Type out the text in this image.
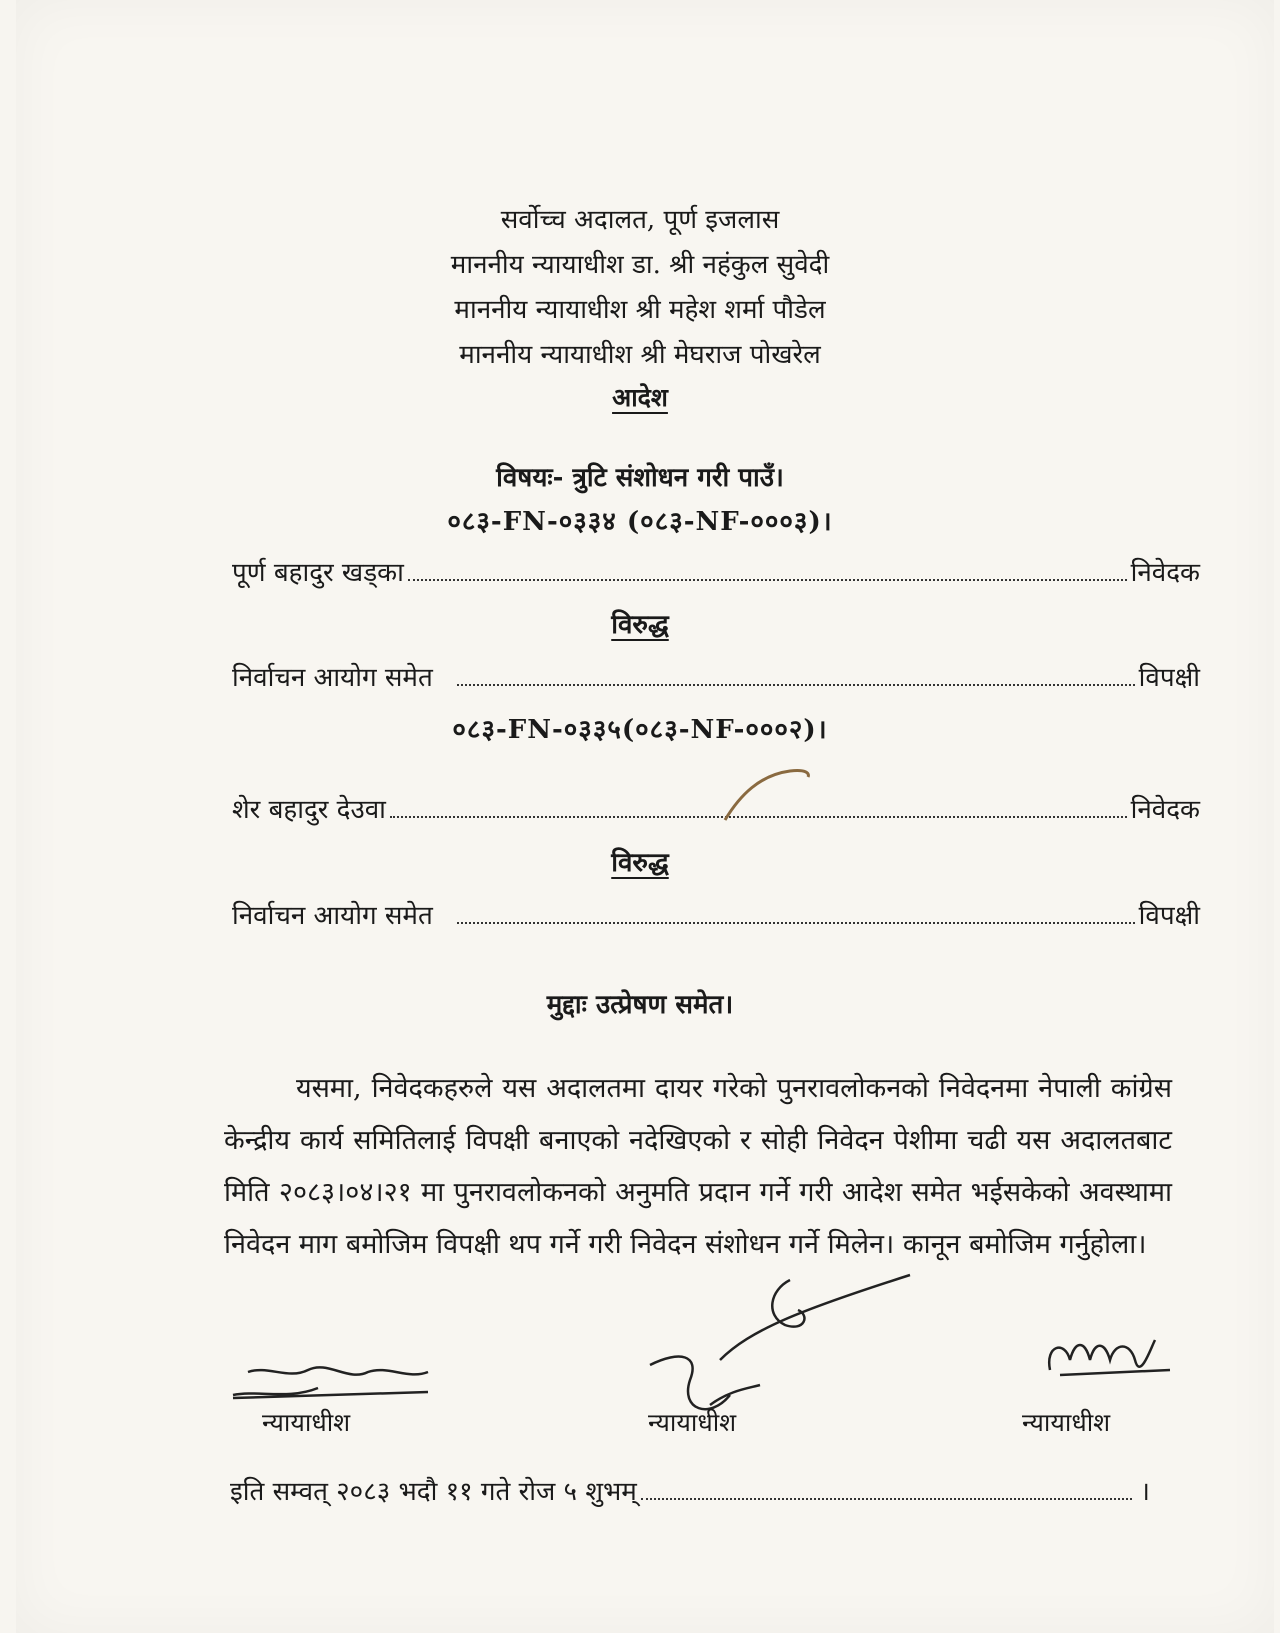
सर्वोच्च अदालत, पूर्ण इजलास
माननीय न्यायाधीश डा. श्री नहंकुल सुवेदी
माननीय न्यायाधीश श्री महेश शर्मा पौडेल
माननीय न्यायाधीश श्री मेघराज पोखरेल
आदेश
विषयः- त्रुटि संशोधन गरी पाउँ।
०८३-FN-०३३४ (०८३-NF-०००३)।
पूर्ण बहादुर खड्का	निवेदक
विरुद्ध
निर्वाचन आयोग समेत	विपक्षी
०८३-FN-०३३५(०८३-NF-०००२)।
शेर बहादुर देउवा	निवेदक
विरुद्ध
निर्वाचन आयोग समेत	विपक्षी
मुद्दाः उत्प्रेषण समेत।
यसमा, निवेदकहरुले यस अदालतमा दायर गरेको पुनरावलोकनको निवेदनमा नेपाली कांग्रेस केन्द्रीय कार्य समितिलाई विपक्षी बनाएको नदेखिएको र सोही निवेदन पेशीमा चढी यस अदालतबाट मिति २०८३।०४।२१ मा पुनरावलोकनको अनुमति प्रदान गर्ने गरी आदेश समेत भईसकेको अवस्थामा निवेदन माग बमोजिम विपक्षी थप गर्ने गरी निवेदन संशोधन गर्ने मिलेन। कानून बमोजिम गर्नुहोला।
न्यायाधीश	न्यायाधीश	न्यायाधीश
इति सम्वत् २०८३ भदौ ११ गते रोज ५ शुभम्	।
